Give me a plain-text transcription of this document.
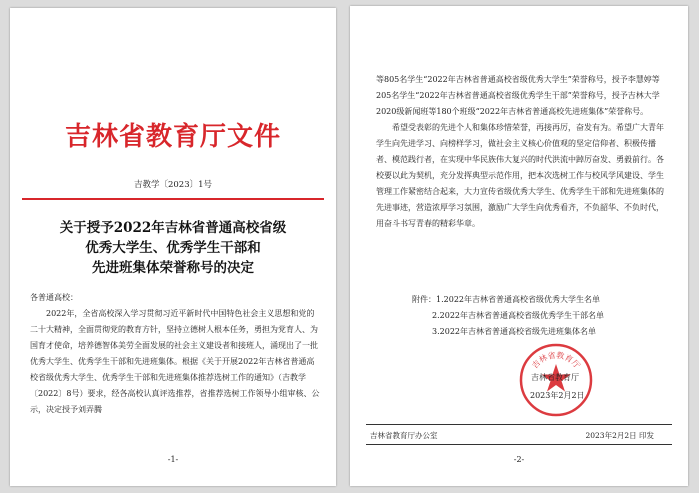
吉林省教育厅文件
吉教学〔2023〕1号
关于授予2022年吉林省普通高校省级
优秀大学生、优秀学生干部和
先进班集体荣誉称号的决定

各普通高校：

2022年，全省高校深入学习贯彻习近平新时代中国特色社会主义思想和党的二十大精神，全面贯彻党的教育方针，坚持立德树人根本任务，勇担为党育人、为国育才使命，培养德智体美劳全面发展的社会主义建设者和接班人，涌现出了一批优秀大学生、优秀学生干部和先进班集体。根据《关于开展2022年吉林省普通高校省级优秀大学生、优秀学生干部和先进班集体推荐选树工作的通知》（吉教学〔2022〕8号）要求，经各高校认真评选推荐，省推荐选树工作领导小组审核、公示，决定授予刘弄腾

-1-

等805名学生“2022年吉林省普通高校省级优秀大学生”荣誉称号，授予李慧婷等205名学生“2022年吉林省普通高校省级优秀学生干部”荣誉称号，授予吉林大学2020级新闻班等180个班级“2022年吉林省普通高校先进班集体”荣誉称号。

希望受表彰的先进个人和集体珍惜荣誉，再接再厉，奋发有为。希望广大青年学生向先进学习、向榜样学习，做社会主义核心价值观的坚定信仰者、积极传播者、模范践行者，在实现中华民族伟大复兴的时代洪流中踔厉奋发、勇毅前行。各校要以此为契机，充分发挥典型示范作用，把本次选树工作与校风学风建设、学生管理工作紧密结合起来，大力宣传省级优秀大学生、优秀学生干部和先进班集体的先进事迹，营造浓厚学习氛围，激励广大学生向优秀看齐，不负韶华、不负时代，用奋斗书写青春的精彩华章。

附件：1.2022年吉林省普通高校省级优秀大学生名单
2.2022年吉林省普通高校省级优秀学生干部名单
3.2022年吉林省普通高校省级先进班集体名单
吉林省教育厅
吉林省教育厅
2023年2月2日
吉林省教育厅办公室	2023年2月2日 印发
-2-
